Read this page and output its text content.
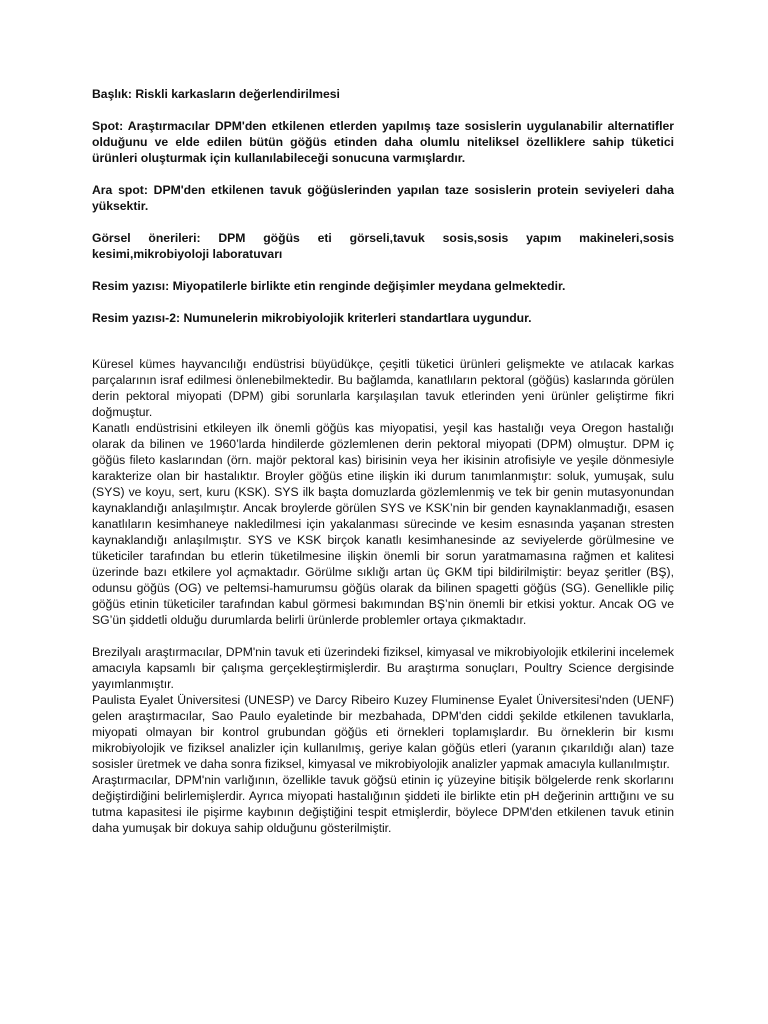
Başlık: Riskli karkasların değerlendirilmesi

Spot: Araştırmacılar DPM'den etkilenen etlerden yapılmış taze sosislerin uygulanabilir alternatifler olduğunu ve elde edilen bütün göğüs etinden daha olumlu niteliksel özelliklere sahip tüketici ürünleri oluşturmak için kullanılabileceği sonucuna varmışlardır.

Ara spot: DPM'den etkilenen tavuk göğüslerinden yapılan taze sosislerin protein seviyeleri daha yüksektir.

Görsel önerileri: DPM göğüs eti görseli,tavuk sosis,sosis yapım makineleri,sosis kesimi,mikrobiyoloji laboratuvarı

Resim yazısı: Miyopatilerle birlikte etin renginde değişimler meydana gelmektedir.

Resim yazısı-2: Numunelerin mikrobiyolojik kriterleri standartlara uygundur.

Küresel kümes hayvancılığı endüstrisi büyüdükçe, çeşitli tüketici ürünleri gelişmekte ve atılacak karkas parçalarının israf edilmesi önlenebilmektedir. Bu bağlamda, kanatlıların pektoral (göğüs) kaslarında görülen derin pektoral miyopati (DPM) gibi sorunlarla karşılaşılan tavuk etlerinden yeni ürünler geliştirme fikri doğmuştur.

Kanatlı endüstrisini etkileyen ilk önemli göğüs kas miyopatisi, yeşil kas hastalığı veya Oregon hastalığı olarak da bilinen ve 1960’larda hindilerde gözlemlenen derin pektoral miyopati (DPM) olmuştur. DPM iç göğüs fileto kaslarından (örn. majör pektoral kas) birisinin veya her ikisinin atrofisiyle ve yeşile dönmesiyle karakterize olan bir hastalıktır. Broyler göğüs etine ilişkin iki durum tanımlanmıştır: soluk, yumuşak, sulu (SYS) ve koyu, sert, kuru (KSK). SYS ilk başta domuzlarda gözlemlenmiş ve tek bir genin mutasyonundan kaynaklandığı anlaşılmıştır. Ancak broylerde görülen SYS ve KSK’nin bir genden kaynaklanmadığı, esasen kanatlıların kesimhaneye nakledilmesi için yakalanması sürecinde ve kesim esnasında yaşanan stresten kaynaklandığı anlaşılmıştır. SYS ve KSK birçok kanatlı kesimhanesinde az seviyelerde görülmesine ve tüketiciler tarafından bu etlerin tüketilmesine ilişkin önemli bir sorun yaratmamasına rağmen et kalitesi üzerinde bazı etkilere yol açmaktadır. Görülme sıklığı artan üç GKM tipi bildirilmiştir: beyaz şeritler (BŞ), odunsu göğüs (OG) ve peltemsi-hamurumsu göğüs olarak da bilinen spagetti göğüs (SG). Genellikle piliç göğüs etinin tüketiciler tarafından kabul görmesi bakımından BŞ’nin önemli bir etkisi yoktur. Ancak OG ve SG’ün şiddetli olduğu durumlarda belirli ürünlerde problemler ortaya çıkmaktadır.

Brezilyalı araştırmacılar, DPM'nin tavuk eti üzerindeki fiziksel, kimyasal ve mikrobiyolojik etkilerini incelemek amacıyla kapsamlı bir çalışma gerçekleştirmişlerdir. Bu araştırma sonuçları, Poultry Science dergisinde yayımlanmıştır.

Paulista Eyalet Üniversitesi (UNESP) ve Darcy Ribeiro Kuzey Fluminense Eyalet Üniversitesi'nden (UENF) gelen araştırmacılar, Sao Paulo eyaletinde bir mezbahada, DPM'den ciddi şekilde etkilenen tavuklarla, miyopati olmayan bir kontrol grubundan göğüs eti örnekleri toplamışlardır. Bu örneklerin bir kısmı mikrobiyolojik ve fiziksel analizler için kullanılmış, geriye kalan göğüs etleri (yaranın çıkarıldığı alan) taze sosisler üretmek ve daha sonra fiziksel, kimyasal ve mikrobiyolojik analizler yapmak amacıyla kullanılmıştır.

Araştırmacılar, DPM'nin varlığının, özellikle tavuk göğsü etinin iç yüzeyine bitişik bölgelerde renk skorlarını değiştirdiğini belirlemişlerdir. Ayrıca miyopati hastalığının şiddeti ile birlikte etin pH değerinin arttığını ve su tutma kapasitesi ile pişirme kaybının değiştiğini tespit etmişlerdir, böylece DPM'den etkilenen tavuk etinin daha yumuşak bir dokuya sahip olduğunu gösterilmiştir.
